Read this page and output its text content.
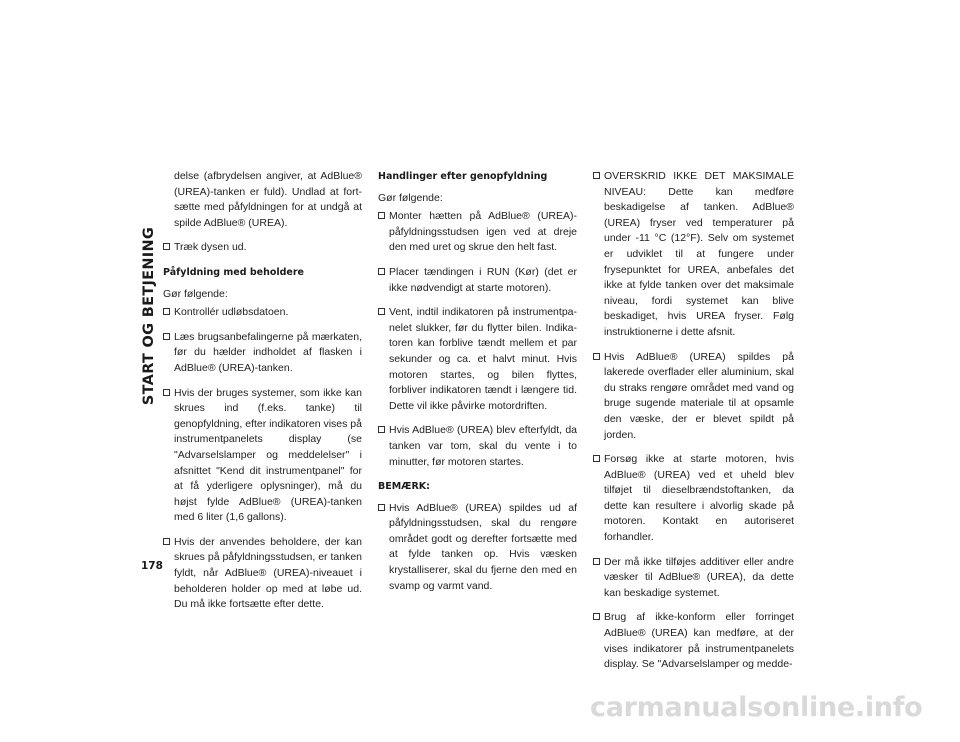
START OG BETJENING
178

delse (afbrydelsen angiver, at AdBlue® (UREA)-tanken er fuld). Undlad at fortsætte med påfyldningen for at undgå at spilde AdBlue® (UREA).

Træk dysen ud.
Påfyldning med beholdere
Gør følgende:
Kontrollér udløbsdatoen.
Læs brugsanbefalingerne på mærkaten, før du hælder indholdet af flasken i AdBlue® (UREA)-tanken.
Hvis der bruges systemer, som ikke kan skrues ind (f.eks. tanke) til genopfyldning, efter indikatoren vises på instrumentpanelets display (se "Advarselslamper og meddelelser" i afsnittet "Kend dit instrumentpanel" for at få yderligere oplysninger), må du højst fylde AdBlue® (UREA)-tanken med 6 liter (1,6 gallons).
Hvis der anvendes beholdere, der kan skrues på påfyldningsstudsen, er tanken fyldt, når AdBlue® (UREA)-niveauet i beholderen holder op med at løbe ud. Du må ikke fortsætte efter dette.
Handlinger efter genopfyldning
Gør følgende:
Monter hætten på AdBlue® (UREA)-påfyldningsstudsen igen ved at dreje den med uret og skrue den helt fast.
Placer tændingen i RUN (Kør) (det er ikke nødvendigt at starte motoren).
Vent, indtil indikatoren på instrumentpanelet slukker, før du flytter bilen. Indikatoren kan forblive tændt mellem et par sekunder og ca. et halvt minut. Hvis motoren startes, og bilen flyttes, forbliver indikatoren tændt i længere tid. Dette vil ikke påvirke motordriften.
Hvis AdBlue® (UREA) blev efterfyldt, da tanken var tom, skal du vente i to minutter, før motoren startes.
BEMÆRK:
Hvis AdBlue® (UREA) spildes ud af påfyldningsstudsen, skal du rengøre området godt og derefter fortsætte med at fylde tanken op. Hvis væsken krystalliserer, skal du fjerne den med en svamp og varmt vand.
OVERSKRID IKKE DET MAKSIMALE NIVEAU: Dette kan medføre beskadigelse af tanken. AdBlue® (UREA) fryser ved temperaturer på under -11 °C (12°F). Selv om systemet er udviklet til at fungere under frysepunktet for UREA, anbefales det ikke at fylde tanken over det maksimale niveau, fordi systemet kan blive beskadiget, hvis UREA fryser. Følg instruktionerne i dette afsnit.
Hvis AdBlue® (UREA) spildes på lakerede overflader eller aluminium, skal du straks rengøre området med vand og bruge sugende materiale til at opsamle den væske, der er blevet spildt på jorden.
Forsøg ikke at starte motoren, hvis AdBlue® (UREA) ved et uheld blev tilføjet til dieselbrændstoftanken, da dette kan resultere i alvorlig skade på motoren. Kontakt en autoriseret forhandler.
Der må ikke tilføjes additiver eller andre væsker til AdBlue® (UREA), da dette kan beskadige systemet.
Brug af ikke-konform eller forringet AdBlue® (UREA) kan medføre, at der vises indikatorer på instrumentpanelets display. Se "Advarselslamper og medde-
carmanualsonline.info
